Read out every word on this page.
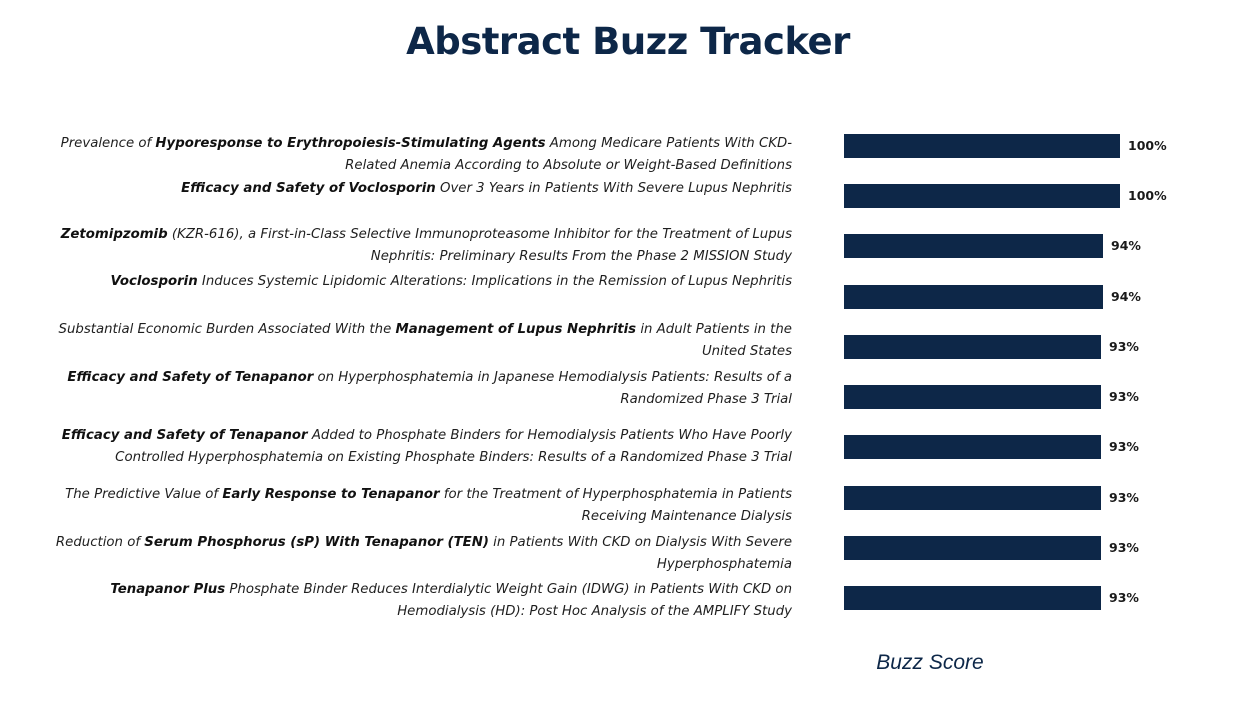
Abstract Buzz Tracker
Prevalence of Hyporesponse to Erythropoiesis-Stimulating Agents Among Medicare Patients With CKD-Related Anemia According to Absolute or Weight-Based Definitions
Efficacy and Safety of Voclosporin Over 3 Years in Patients With Severe Lupus Nephritis
Zetomipzomib (KZR-616), a First-in-Class Selective Immunoproteasome Inhibitor for the Treatment of Lupus Nephritis: Preliminary Results From the Phase 2 MISSION Study
Voclosporin Induces Systemic Lipidomic Alterations: Implications in the Remission of Lupus Nephritis
Substantial Economic Burden Associated With the Management of Lupus Nephritis in Adult Patients in the United States
Efficacy and Safety of Tenapanor on Hyperphosphatemia in Japanese Hemodialysis Patients: Results of a Randomized Phase 3 Trial
Efficacy and Safety of Tenapanor Added to Phosphate Binders for Hemodialysis Patients Who Have Poorly Controlled Hyperphosphatemia on Existing Phosphate Binders: Results of a Randomized Phase 3 Trial
The Predictive Value of Early Response to Tenapanor for the Treatment of Hyperphosphatemia in Patients Receiving Maintenance Dialysis
Reduction of Serum Phosphorus (sP) With Tenapanor (TEN) in Patients With CKD on Dialysis With Severe Hyperphosphatemia
Tenapanor Plus Phosphate Binder Reduces Interdialytic Weight Gain (IDWG) in Patients With CKD on Hemodialysis (HD): Post Hoc Analysis of the AMPLIFY Study
100%
100%
94%
94%
93%
93%
93%
93%
93%
93%
Buzz Score
